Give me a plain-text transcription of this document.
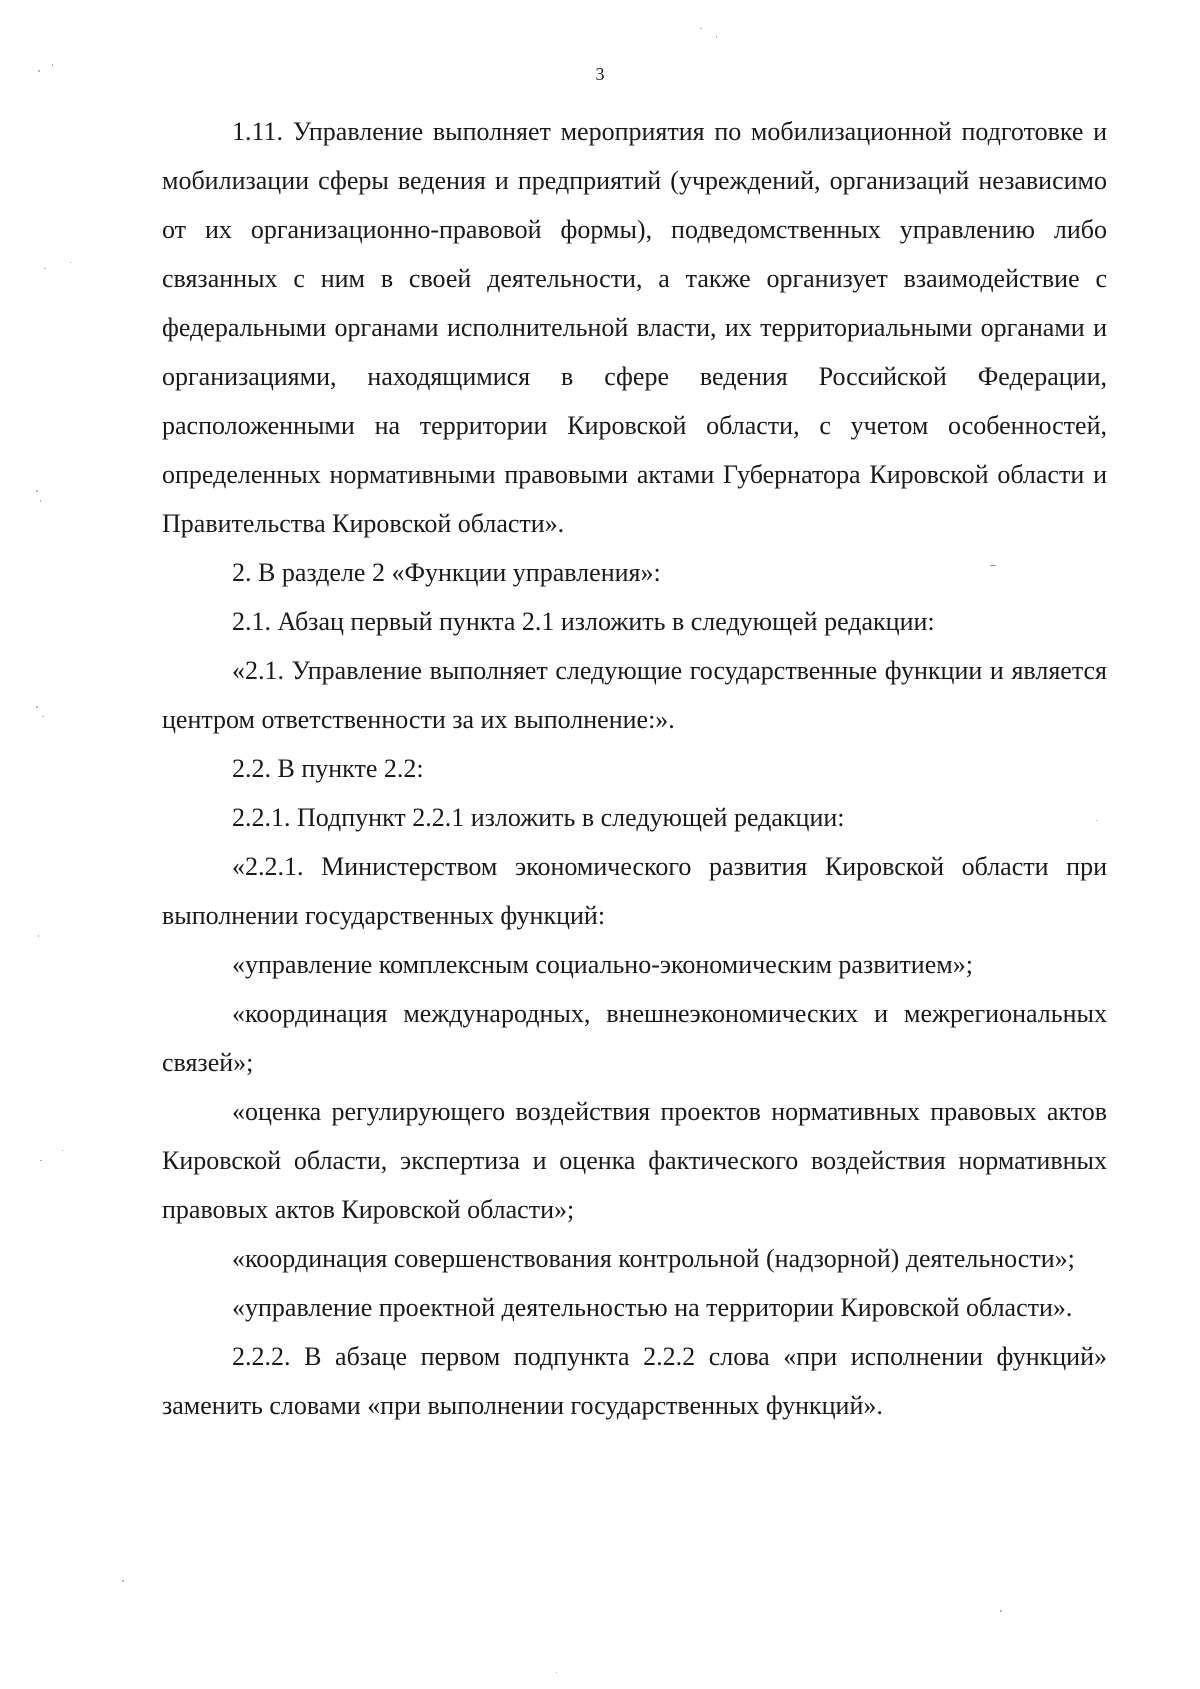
3

1.11. Управление выполняет мероприятия по мобилизационной подготовке и мобилизации сферы ведения и предприятий (учреждений, организаций независимо от их организационно-правовой формы), подведомственных управлению либо связанных с ним в своей деятельности, а также организует взаимодействие с федеральными органами исполнительной власти, их территориальными органами и организациями, находящимися в сфере ведения Российской Федерации, расположенными на территории Кировской области, с учетом особенностей, определенных нормативными правовыми актами Губернатора Кировской области и Правительства Кировской области».

2. В разделе 2 «Функции управления»:

2.1. Абзац первый пункта 2.1 изложить в следующей редакции:

«2.1. Управление выполняет следующие государственные функции и является центром ответственности за их выполнение:».

2.2. В пункте 2.2:

2.2.1. Подпункт 2.2.1 изложить в следующей редакции:

«2.2.1. Министерством экономического развития Кировской области при выполнении государственных функций:

«управление комплексным социально-экономическим развитием»;

«координация международных, внешнеэкономических и межрегиональных связей»;

«оценка регулирующего воздействия проектов нормативных правовых актов Кировской области, экспертиза и оценка фактического воздействия нормативных правовых актов Кировской области»;

«координация совершенствования контрольной (надзорной) деятельности»;

«управление проектной деятельностью на территории Кировской области».

2.2.2. В абзаце первом подпункта 2.2.2 слова «при исполнении функций» заменить словами «при выполнении государственных функций».
